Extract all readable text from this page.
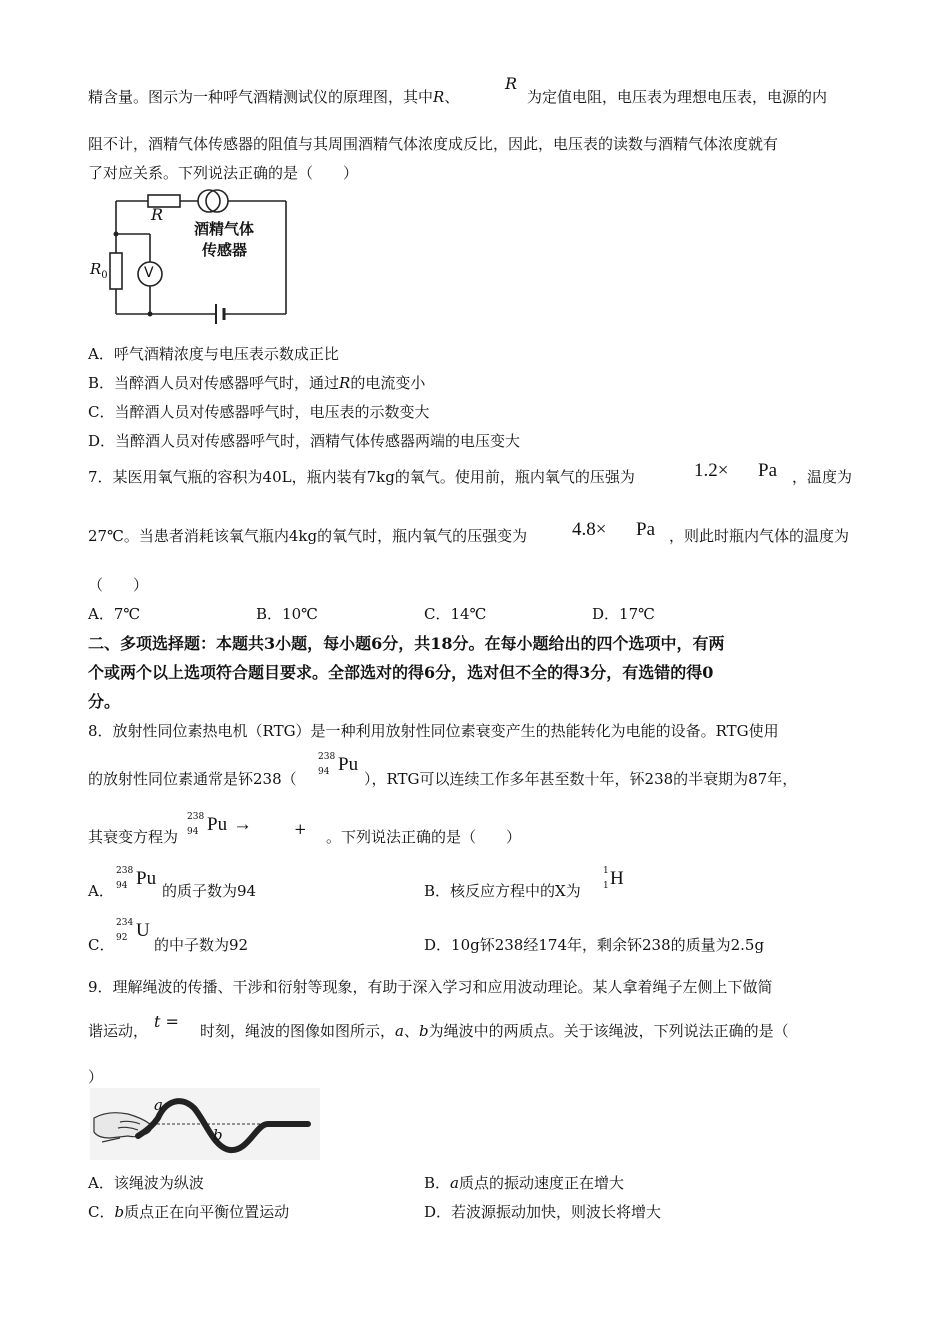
精含量。图示为一种呼气酒精测试仪的原理图，其中R、
R
为定值电阻，电压表为理想电压表，电源的内
阻不计，酒精气体传感器的阻值与其周围酒精气体浓度成反比，因此，电压表的读数与酒精气体浓度就有
了对应关系。下列说法正确的是（　　）
R
$R_0$	V
酒精气体
传感器
A．呼气酒精浓度与电压表示数成正比
B．当醉酒人员对传感器呼气时，通过R的电流变小
C．当醉酒人员对传感器呼气时，电压表的示数变大
D．当醉酒人员对传感器呼气时，酒精气体传感器两端的电压变大
7．某医用氧气瓶的容积为40L，瓶内装有7kg的氧气。使用前，瓶内氧气的压强为	1.2× Pa ，温度为
27℃。当患者消耗该氧气瓶内4kg的氧气时，瓶内氧气的压强变为 4.8× Pa ，则此时瓶内气体的温度为
（　　）
A．7℃	B．10℃	C．14℃	D．17℃
二、多项选择题：本题共3小题，每小题6分，共18分。在每小题给出的四个选项中，有两
个或两个以上选项符合题目要求。全部选对的得6分，选对但不全的得3分，有选错的得0
分。
8．放射性同位素热电机（RTG）是一种利用放射性同位素衰变产生的热能转化为电能的设备。RTG使用
的放射性同位素通常是钚238（
238
94 Pu
），RTG可以连续工作多年甚至数十年，钚238的半衰期为87年，
其衰变方程为
238
94 Pu →	+ 。下列说法正确的是（　　）
A．
238
94 Pu
的质子数为94	B．核反应方程中的X为
1
1 H
C．
234
92 U
的中子数为92	D．10g钚238经174年，剩余钚238的质量为2.5g
9．理解绳波的传播、干涉和衍射等现象，有助于深入学习和应用波动理论。某人拿着绳子左侧上下做简
谐运动， t = 时刻，绳波的图像如图所示，a、b为绳波中的两质点。关于该绳波，下列说法正确的是（
）
a
b
A．该绳波为纵波	B．a质点的振动速度正在增大
C．b质点正在向平衡位置运动	D．若波源振动加快，则波长将增大
